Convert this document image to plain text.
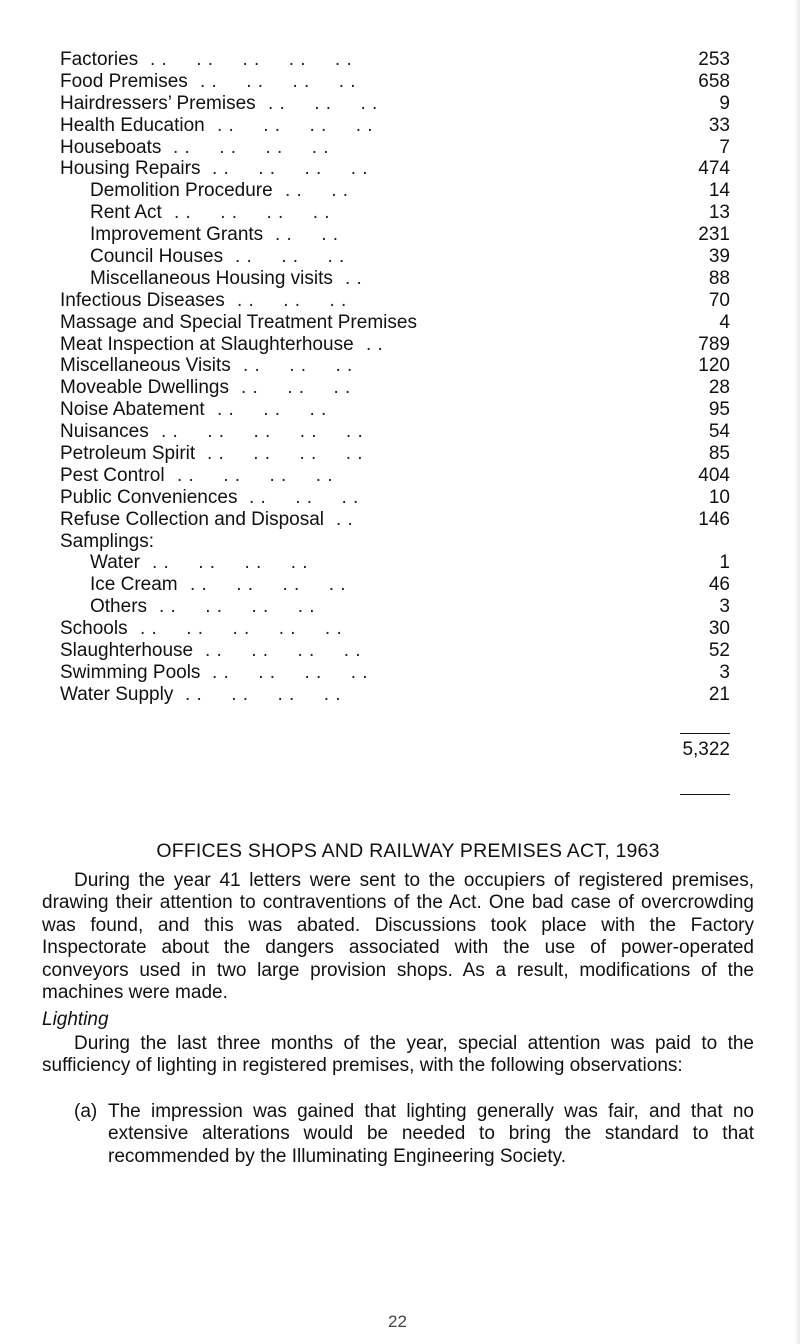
Factories . .     . .     . .     . .     . .	253
Food Premises . .     . .     . .     . .	658
Hairdressers’ Premises . .     . .     . .	9
Health Education . .     . .     . .     . .	33
Houseboats . .     . .     . .     . .	7
Housing Repairs . .     . .     . .     . .	474
Demolition Procedure . .     . .	14
Rent Act . .     . .     . .     . .	13
Improvement Grants . .     . .	231
Council Houses . .     . .     . .	39
Miscellaneous Housing visits . .	88
Infectious Diseases . .     . .     . .	70
Massage and Special Treatment Premises	4
Meat Inspection at Slaughterhouse . .	789
Miscellaneous Visits . .     . .     . .	120
Moveable Dwellings . .     . .     . .	28
Noise Abatement . .     . .     . .	95
Nuisances . .     . .     . .     . .     . .	54
Petroleum Spirit . .     . .     . .     . .	85
Pest Control . .     . .     . .     . .	404
Public Conveniences . .     . .     . .	10
Refuse Collection and Disposal . .	146
Samplings:
Water . .     . .     . .     . .	1
Ice Cream . .     . .     . .     . .	46
Others . .     . .     . .     . .	3
Schools . .     . .     . .     . .     . .	30
Slaughterhouse . .     . .     . .     . .	52
Swimming Pools . .     . .     . .     . .	3
Water Supply . .     . .     . .     . .	21
5,322
OFFICES SHOPS AND RAILWAY PREMISES ACT, 1963

During the year 41 letters were sent to the occupiers of registered premises, drawing their attention to contraventions of the Act. One bad case of overcrowding was found, and this was abated. Discussions took place with the Factory Inspectorate about the dangers associated with the use of power-operated conveyors used in two large provision shops. As a result, modifications of the machines were made.

Lighting

During the last three months of the year, special attention was paid to the sufficiency of lighting in registered premises, with the following observations:

(a) The impression was gained that lighting generally was fair, and that no extensive alterations would be needed to bring the standard to that recommended by the Illuminating Engineering Society.

22
